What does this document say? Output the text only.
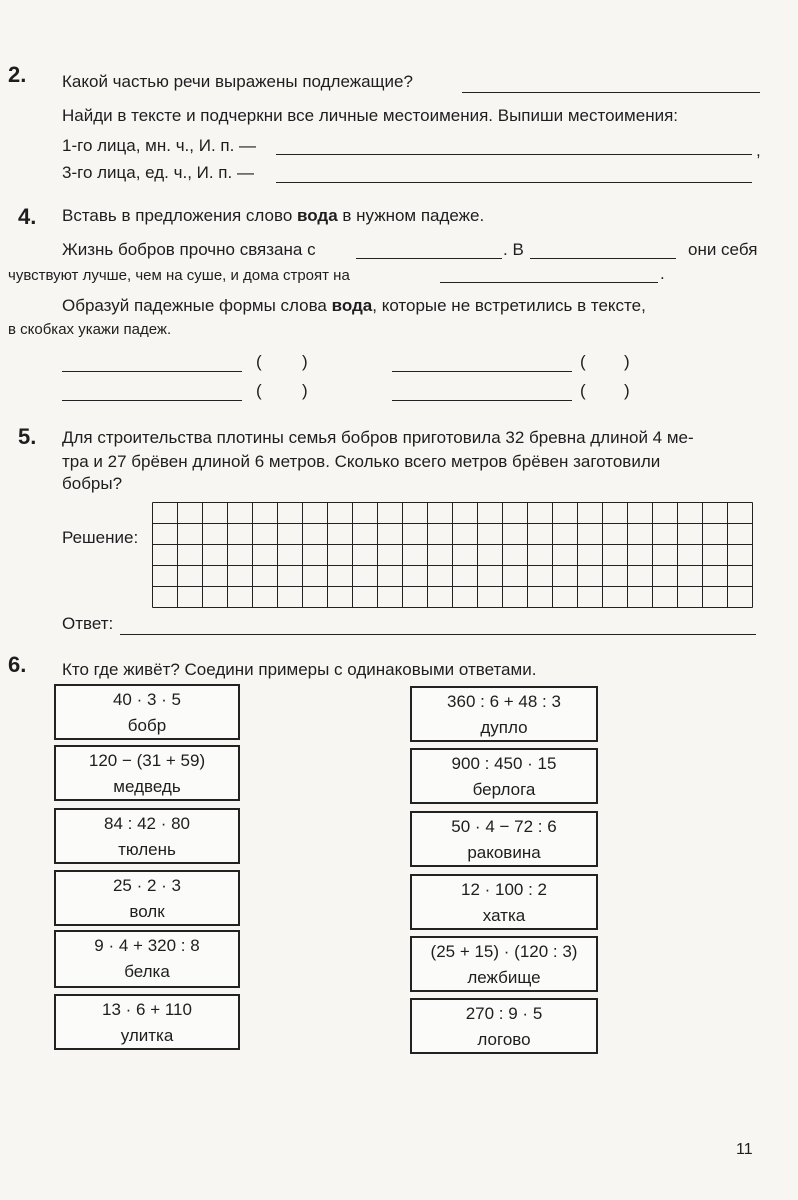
2. Какой частью речи выражены подлежащие?
Найди в тексте и подчеркни все личные местоимения. Выпиши местоимения:
1-го лица, мн. ч., И. п. —	,
3-го лица, ед. ч., И. п. —
4. Вставь в предложения слово вода в нужном падеже.
Жизнь бобров прочно связана с	. В	они себя
чувствуют лучше, чем на суше, и дома строят на	.
Образуй падежные формы слова вода, которые не встретились в тексте,
в скобках укажи падеж.
( )	( )
( )	( )
5. Для строительства плотины семья бобров приготовила 32 бревна длиной 4 ме-
тра и 27 брёвен длиной 6 метров. Сколько всего метров брёвен заготовили
бобры?
Решение:
Ответ:
6. Кто где живёт? Соедини примеры с одинаковыми ответами.
40 · 3 · 5
бобр
120 − (31 + 59)
медведь
84 : 42 · 80
тюлень
25 · 2 · 3
волк
9 · 4 + 320 : 8
белка
13 · 6 + 110
улитка
360 : 6 + 48 : 3
дупло
900 : 450 · 15
берлога
50 · 4 − 72 : 6
раковина
12 · 100 : 2
хатка
(25 + 15) · (120 : 3)
лежбище
270 : 9 · 5
логово
11
